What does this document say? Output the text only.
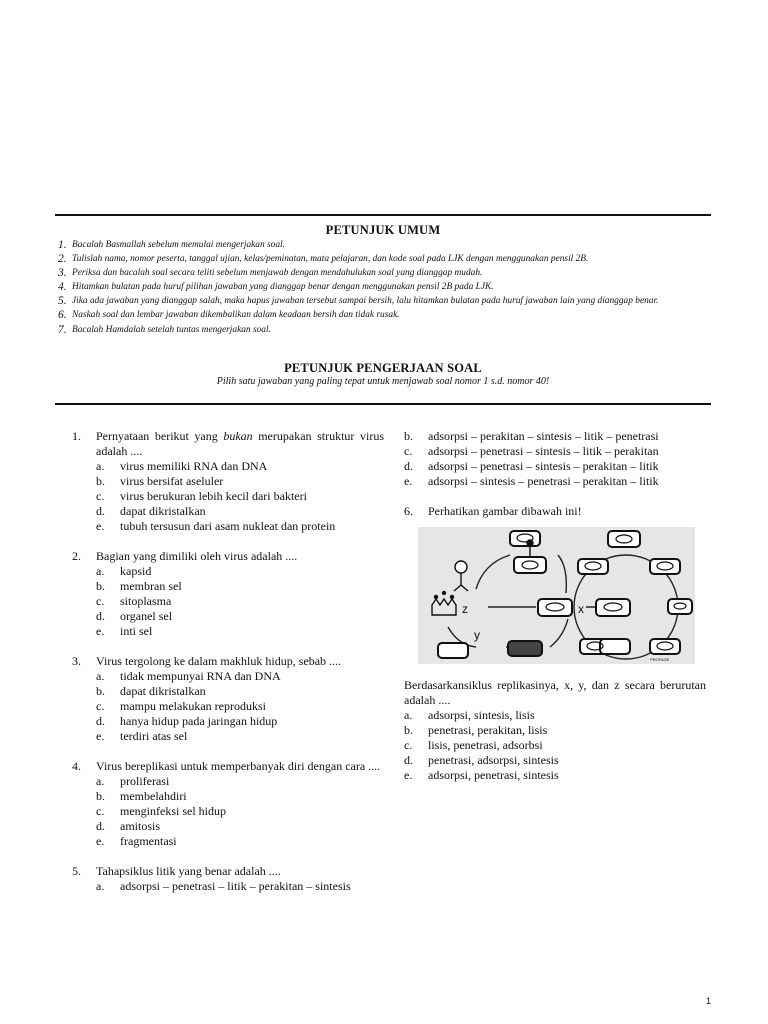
PETUNJUK UMUM
1. Bacalah Basmallah sebelum memulai mengerjakan soal.
2. Tulislah nama, nomor peserta, tanggal ujian, kelas/peminatan, mata pelajaran, dan kode soal pada LJK dengan menggunakan pensil 2B.
3. Periksa dan bacalah soal secara teliti sebelum menjawab dengan mendahulukan soal yang dianggap mudah.
4. Hitamkan bulatan pada huruf pilihan jawaban yang dianggap benar dengan menggunakan pensil 2B pada LJK.
5. Jika ada jawaban yang dianggap salah, maka hapus jawaban tersebut sampai bersih, lalu hitamkan bulatan pada huruf jawaban lain yang dianggap benar.
6. Naskah soal dan lembar jawaban dikembalikan dalam keadaan bersih dan tidak rusak.
7. Bacalah Hamdalah setelah tuntas mengerjakan soal.
PETUNJUK PENGERJAAN SOAL
Pilih satu jawaban yang paling tepat untuk menjawab soal nomor 1 s.d. nomor 40!
1.	Pernyataan berikut yang bukan merupakan struktur virus adalah ....
a.	virus memiliki RNA dan DNA
b.	virus bersifat aseluler
c.	virus berukuran lebih kecil dari bakteri
d.	dapat dikristalkan
e.	tubuh tersusun dari asam nukleat dan protein
2.	Bagian yang dimiliki oleh virus adalah ....
a.	kapsid
b.	membran sel
c.	sitoplasma
d.	organel sel
e.	inti sel
3.	Virus tergolong ke dalam makhluk hidup, sebab ....
a.	tidak mempunyai RNA dan DNA
b.	dapat dikristalkan
c.	mampu melakukan reproduksi
d.	hanya hidup pada jaringan hidup
e.	terdiri atas sel
4.	Virus bereplikasi untuk memperbanyak diri dengan cara ....
a.	proliferasi
b.	membelahdiri
c.	menginfeksi sel hidup
d.	amitosis
e.	fragmentasi
5.	Tahapsiklus litik yang benar adalah ....
a.	adsorpsi – penetrasi – litik – perakitan – sintesis
b.	adsorpsi – perakitan – sintesis – litik – penetrasi
c.	adsorpsi – penetrasi – sintesis – litik – perakitan
d.	adsorpsi – penetrasi – sintesis – perakitan – litik
e.	adsorpsi – sintesis – penetrasi – perakitan – litik
6.	Perhatikan gambar dibawah ini!
z
y
x
PROFAGE
Berdasarkansiklus replikasinya, x, y, dan z secara berurutan adalah ....
a.	adsorpsi, sintesis, lisis
b.	penetrasi, perakitan, lisis
c.	lisis, penetrasi, adsorbsi
d.	penetrasi, adsorpsi, sintesis
e.	adsorpsi, penetrasi, sintesis
1
